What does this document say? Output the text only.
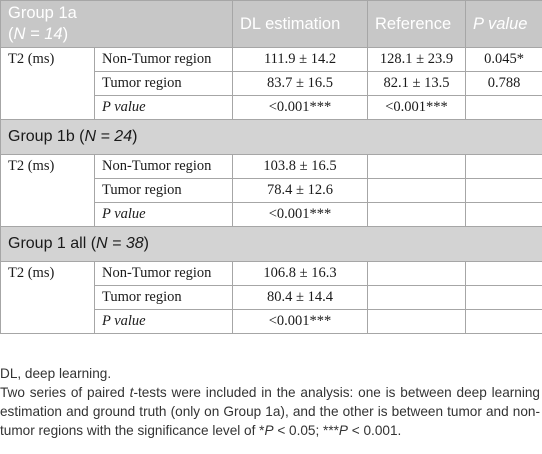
Group 1a
(N = 14)		DL estimation	Reference	P value
T2 (ms)	Non-Tumor region	111.9 ± 14.2	128.1 ± 23.9	0.045*
	Tumor region	83.7 ± 16.5	82.1 ± 13.5	0.788
	P value	<0.001***	<0.001***	
Group 1b (N = 24)				
T2 (ms)	Non-Tumor region	103.8 ± 16.5		
	Tumor region	78.4 ± 12.6		
	P value	<0.001***		
Group 1 all (N = 38)				
T2 (ms)	Non-Tumor region	106.8 ± 16.3		
	Tumor region	80.4 ± 14.4		
	P value	<0.001***		

DL, deep learning.

Two series of paired t-tests were included in the analysis: one is between deep learning estimation and ground truth (only on Group 1a), and the other is between tumor and non-tumor regions with the significance level of *P < 0.05; ***P < 0.001.
